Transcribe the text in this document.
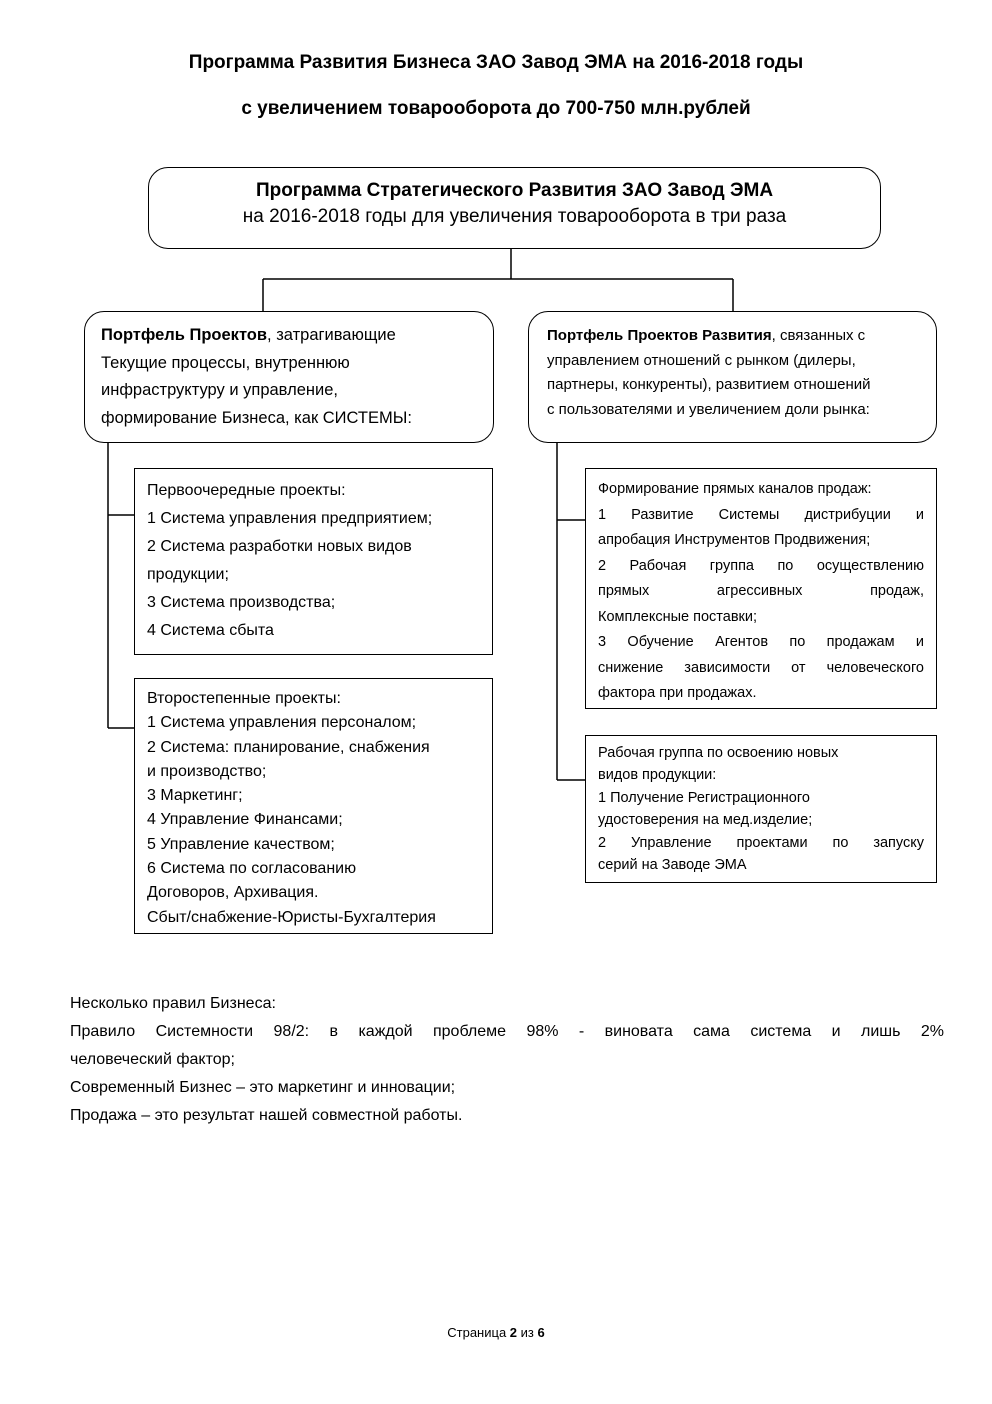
Программа Развития Бизнеса ЗАО Завод ЭМА на 2016-2018 годы
с увеличением товарооборота до 700-750 млн.рублей
Программа Стратегического Развития ЗАО Завод ЭМА
на 2016-2018 годы для увеличения товарооборота в три раза
Портфель Проектов, затрагивающие
Текущие процессы, внутреннюю
инфраструктуру и управление,
формирование Бизнеса, как СИСТЕМЫ:
Портфель Проектов Развития, связанных с
управлением отношений с рынком (дилеры,
партнеры, конкуренты), развитием отношений
с пользователями и увеличением доли рынка:
Первоочередные проекты:
1 Система управления предприятием;
2 Система разработки новых видов
продукции;
3 Система производства;
4 Система сбыта
Второстепенные проекты:
1 Система управления персоналом;
2 Система: планирование, снабжения
и производство;
3 Маркетинг;
4 Управление Финансами;
5 Управление качеством;
6 Система по согласованию
Договоров, Архивация.
Сбыт/снабжение-Юристы-Бухгалтерия
Формирование прямых каналов продаж:
1 Развитие Системы дистрибуции и
апробация Инструментов Продвижения;
2 Рабочая группа по осуществлению
прямых агрессивных продаж,
Комплексные поставки;
3 Обучение Агентов по продажам и
снижение зависимости от человеческого
фактора при продажах.
Рабочая группа по освоению новых
видов продукции:
1 Получение Регистрационного
удостоверения на мед.изделие;
2 Управление проектами по запуску
серий на Заводе ЭМА
Несколько правил Бизнеса:
Правило Системности 98/2: в каждой проблеме 98% - виновата сама система и лишь 2%
человеческий фактор;
Современный Бизнес – это маркетинг и инновации;
Продажа – это результат нашей совместной работы.
Страница 2 из 6
